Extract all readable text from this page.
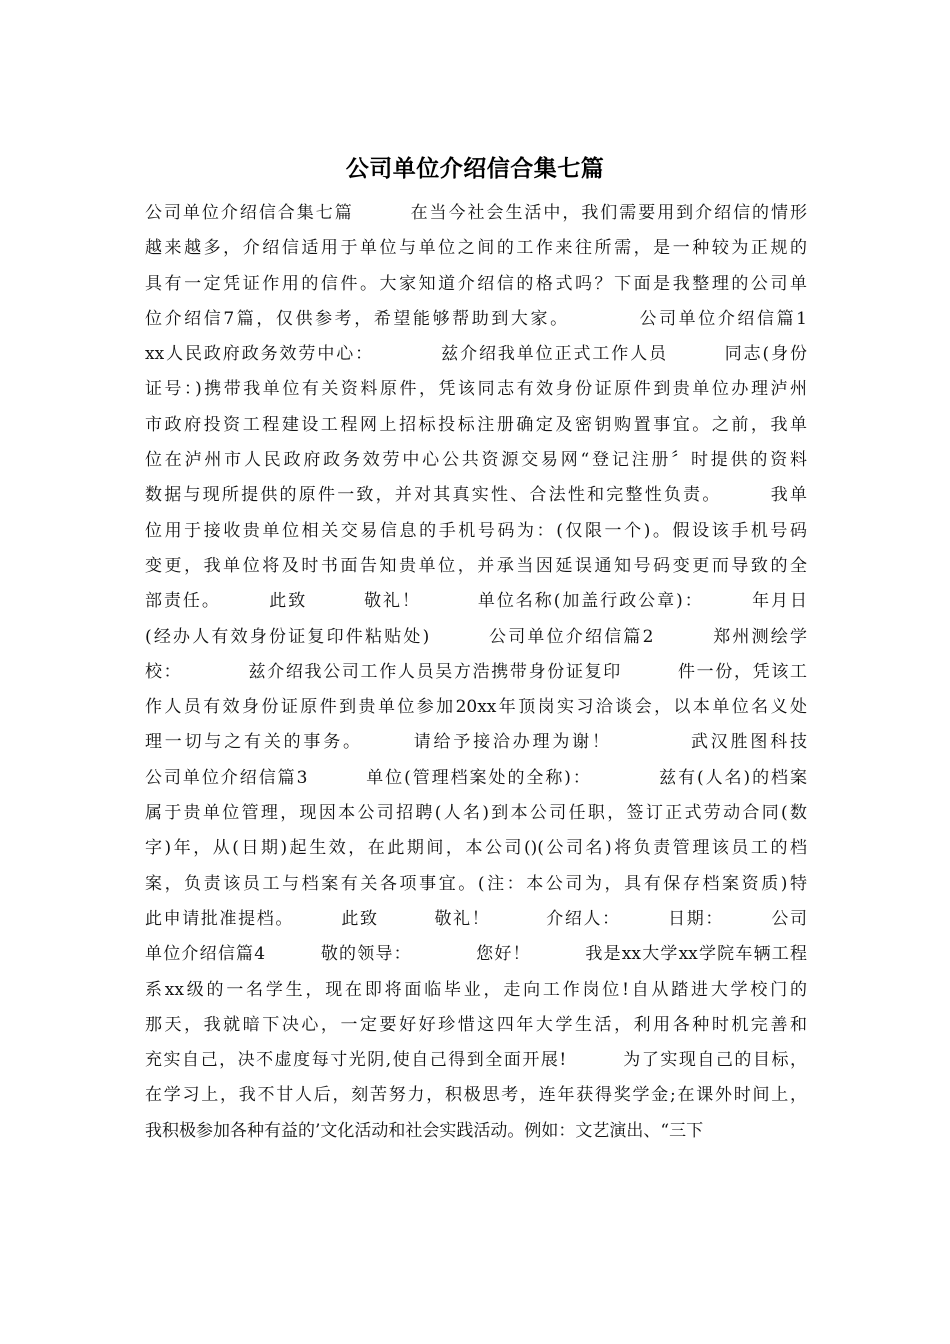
公司单位介绍信合集七篇
公司单位介绍信合集七篇　　　在当今社会生活中，我们需要用到介绍信的情形
越来越多，介绍信适用于单位与单位之间的工作来往所需，是一种较为正规的
具有一定凭证作用的信件。大家知道介绍信的格式吗？下面是我整理的公司单
位介绍信7篇，仅供参考，希望能够帮助到大家。　　　　公司单位介绍信篇1
xx人民政府政务效劳中心：　　　　兹介绍我单位正式工作人员　　　同志(身份
证号：)携带我单位有关资料原件，凭该同志有效身份证原件到贵单位办理泸州
市政府投资工程建设工程网上招标投标注册确定及密钥购置事宜。之前，我单
位在泸州市人民政府政务效劳中心公共资源交易网“登记注册〞时提供的资料
数据与现所提供的原件一致，并对其真实性、合法性和完整性负责。　　　我单
位用于接收贵单位相关交易信息的手机号码为：(仅限一个)。假设该手机号码
变更，我单位将及时书面告知贵单位，并承当因延误通知号码变更而导致的全
部责任。　　　此致　　　敬礼！　　　单位名称(加盖行政公章)：　　　年月日
(经办人有效身份证复印件粘贴处)　　　公司单位介绍信篇2　　　郑州测绘学
校：　　　　兹介绍我公司工作人员吴方浩携带身份证复印　　　件一份，凭该工
作人员有效身份证原件到贵单位参加20xx年顶岗实习洽谈会，以本单位名义处
理一切与之有关的事务。　　　请给予接洽办理为谢！　　　　武汉胜图科技
公司单位介绍信篇3　　　单位(管理档案处的全称)：　　　　兹有(人名)的档案
属于贵单位管理，现因本公司招聘(人名)到本公司任职，签订正式劳动合同(数
字)年，从(日期)起生效，在此期间，本公司()(公司名)将负责管理该员工的档
案，负责该员工与档案有关各项事宜。(注：本公司为，具有保存档案资质)特
此申请批准提档。　　　此致　　　敬礼！　　　介绍人：　　　日期：　　　公司
单位介绍信篇4　　　敬的领导：　　　　您好！　　　我是xx大学xx学院车辆工程
系xx级的一名学生，现在即将面临毕业，走向工作岗位!自从踏进大学校门的
那天，我就暗下决心，一定要好好珍惜这四年大学生活，利用各种时机完善和
充实自己，决不虚度每寸光阴,使自己得到全面开展!　　　为了实现自己的目标，
在学习上，我不甘人后，刻苦努力，积极思考，连年获得奖学金;在课外时间上，
我积极参加各种有益的’文化活动和社会实践活动。例如：文艺演出、“三下
